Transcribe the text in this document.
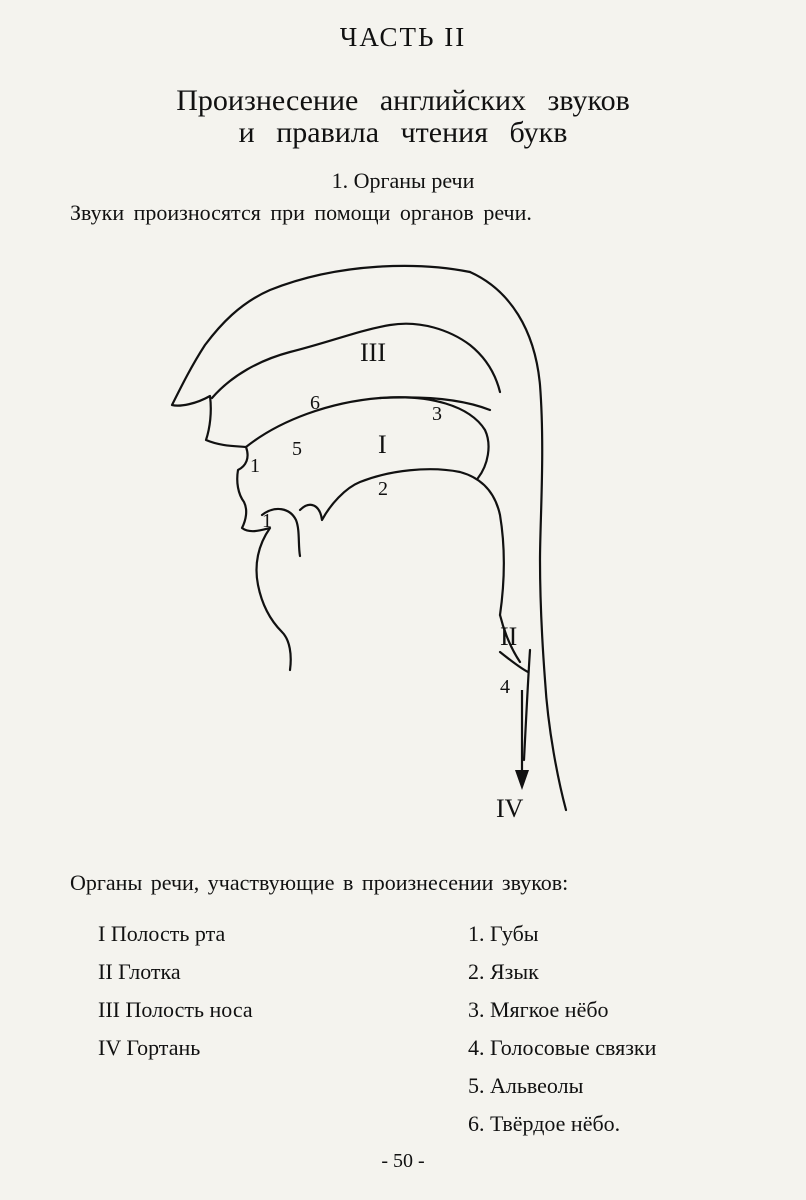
ЧАСТЬ II
Произнесение английских звуков
и правила чтения букв
1. Органы речи
Звуки произносятся при помощи органов речи.
III
I
II
IV
6	3
5
1
1
2
4
Органы речи, участвующие в произнесении звуков:
I Полость рта
II Глотка
III Полость носа
IV Гортань
1. Губы
2. Язык
3. Мягкое нёбо
4. Голосовые связки
5. Альвеолы
6. Твёрдое нёбо.
- 50 -
